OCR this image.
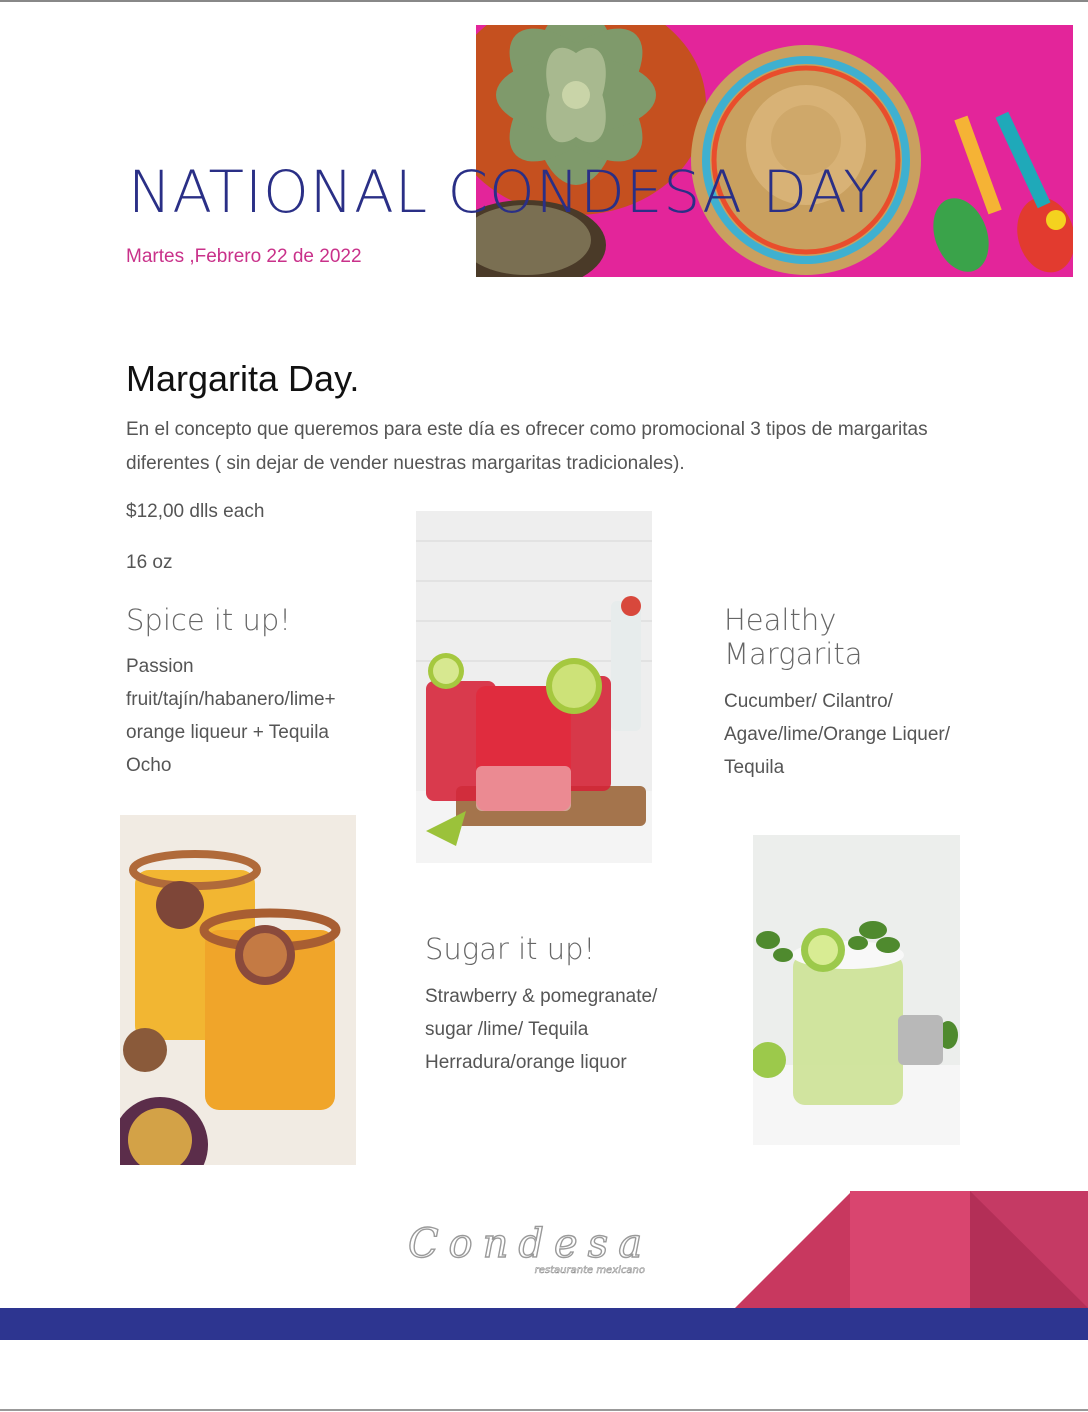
NATIONAL CONDESA DAY
Martes ,Febrero 22 de 2022
Margarita Day.
En el concepto que queremos para este día es ofrecer como promocional 3 tipos de margaritas diferentes ( sin dejar de vender nuestras margaritas tradicionales).
$12,00 dlls each
16 oz
Spice it up!
Passion fruit/tajín/habanero/lime+ orange liqueur + Tequila Ocho
Healthy Margarita
Cucumber/ Cilantro/ Agave/lime/Orange Liquer/ Tequila
Sugar it up!
Strawberry & pomegranate/ sugar /lime/ Tequila Herradura/orange liquor
Condesa
restaurante mexicano
